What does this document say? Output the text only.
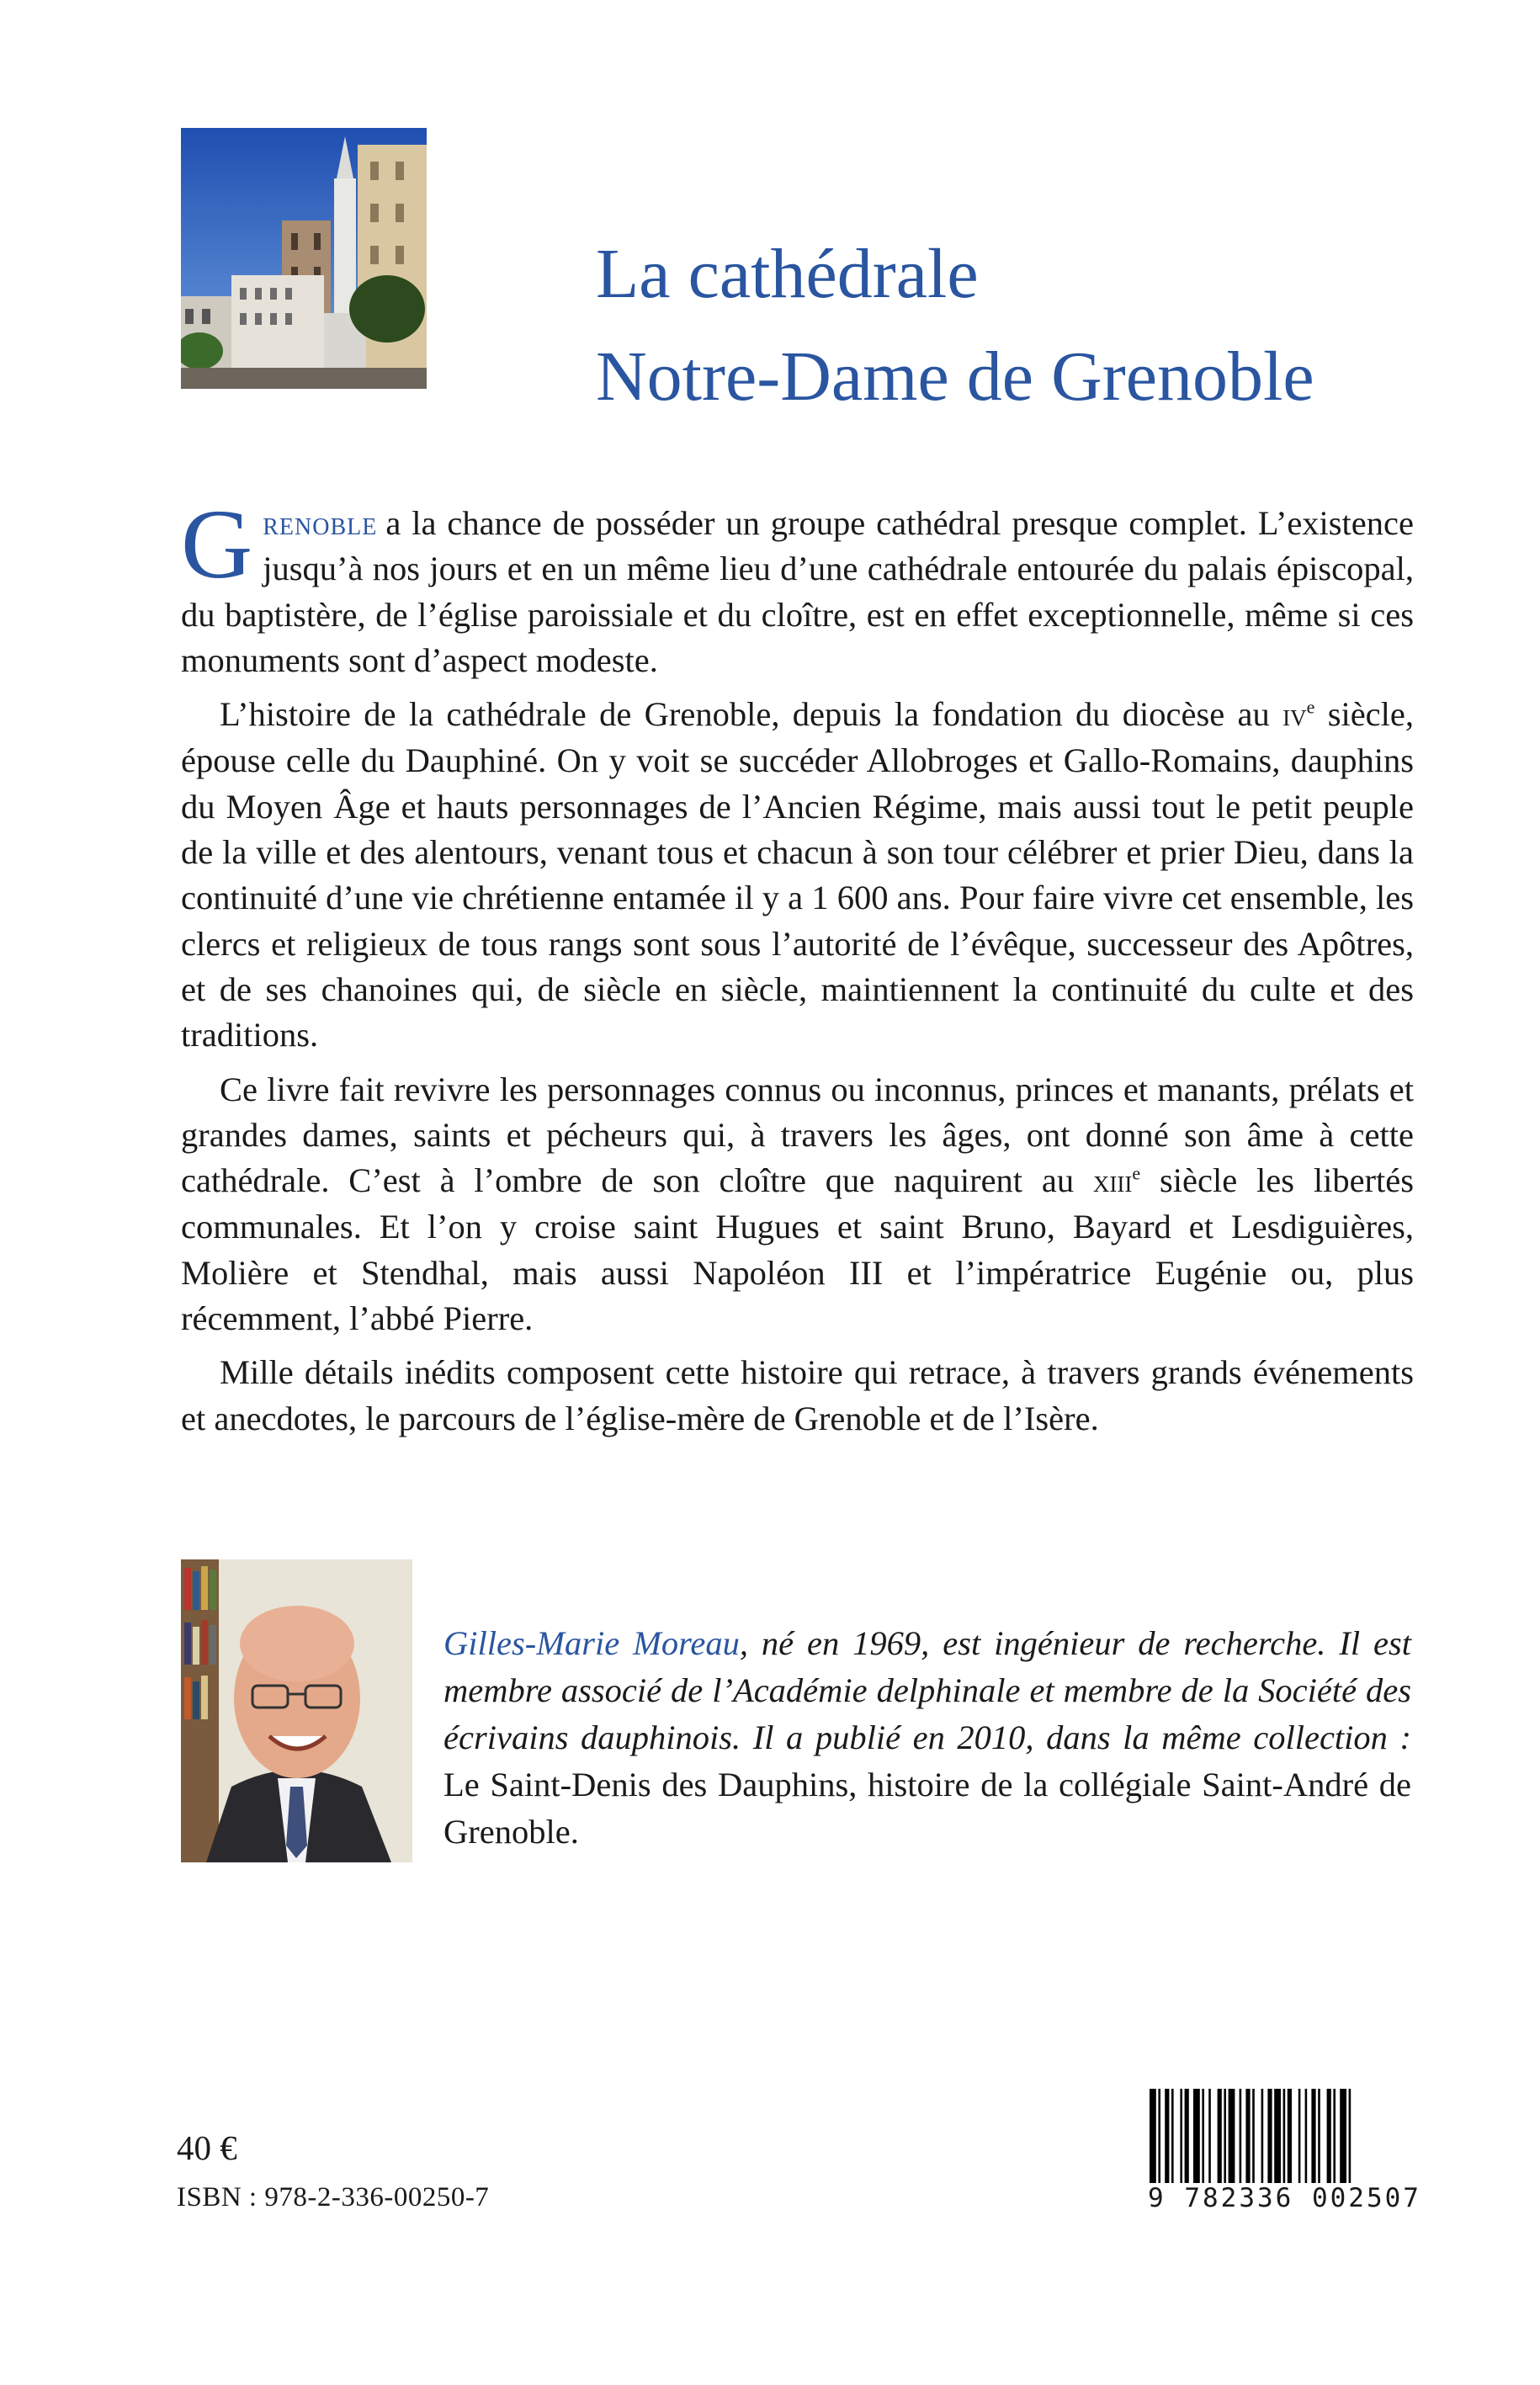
La cathédrale
Notre-Dame de Grenoble

Grenoble a la chance de posséder un groupe cathédral presque complet. L’existence jusqu’à nos jours et en un même lieu d’une cathédrale entourée du palais épiscopal, du baptistère, de l’église paroissiale et du cloître, est en effet exceptionnelle, même si ces monuments sont d’aspect modeste.

L’histoire de la cathédrale de Grenoble, depuis la fondation du diocèse au $iv^e$ siècle, épouse celle du Dauphiné. On y voit se succéder Allobroges et Gallo-Romains, dauphins du Moyen Âge et hauts personnages de l’Ancien Régime, mais aussi tout le petit peuple de la ville et des alentours, venant tous et chacun à son tour célébrer et prier Dieu, dans la continuité d’une vie chrétienne entamée il y a 1 600 ans. Pour faire vivre cet ensemble, les clercs et religieux de tous rangs sont sous l’autorité de l’évêque, successeur des Apôtres, et de ses chanoines qui, de siècle en siècle, maintiennent la continuité du culte et des traditions.

Ce livre fait revivre les personnages connus ou inconnus, princes et manants, prélats et grandes dames, saints et pécheurs qui, à travers les âges, ont donné son âme à cette cathédrale. C’est à l’ombre de son cloître que naquirent au xiii$^e$ siècle les libertés communales. Et l’on y croise saint Hugues et saint Bruno, Bayard et Lesdiguières, Molière et Stendhal, mais aussi Napoléon III et l’impératrice Eugénie ou, plus récemment, l’abbé Pierre.

Mille détails inédits composent cette histoire qui retrace, à travers grands événements et anecdotes, le parcours de l’église-mère de Grenoble et de l’Isère.

Gilles-Marie Moreau, né en 1969, est ingénieur de recherche. Il est membre associé de l’Académie delphinale et membre de la Société des écrivains dauphinois. Il a publié en 2010, dans la même collection : Le Saint-Denis des Dauphins, histoire de la collégiale Saint-André de Grenoble.
40 €
ISBN : 978-2-336-00250-7	9 782336 002507
